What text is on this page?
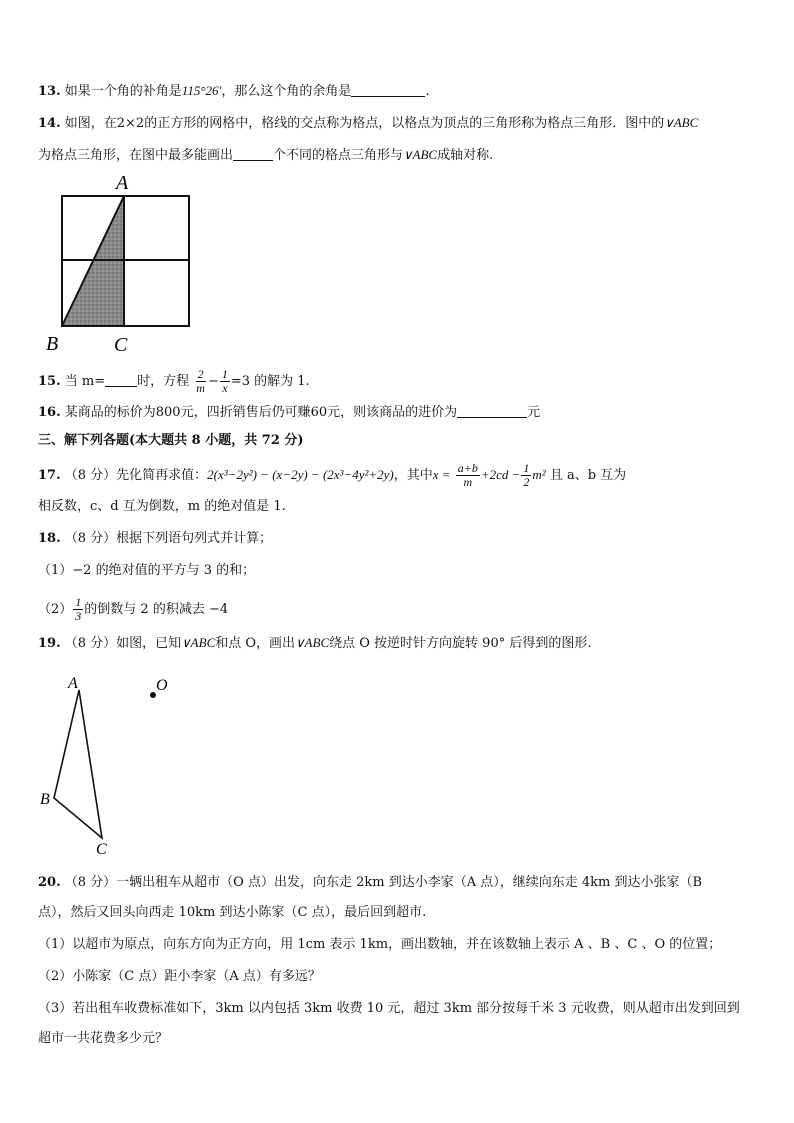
13. 如果一个角的补角是115°26′，那么这个角的余角是	.
14. 如图，在2×2的正方形的网格中，格线的交点称为格点，以格点为顶点的三角形称为格点三角形．图中的∨ABC
为格点三角形，在图中最多能画出	个不同的格点三角形与∨ABC成轴对称.
A
B	C
15. 当 m= 时，方程 $\frac{2}{m} - \frac{1}{x} =3$ 的解为 1.
16. 某商品的标价为800元，四折销售后仍可赚60元，则该商品的进价为	元
三、解下列各题(本大题共 8 小题，共 72 分)
17. （8 分）先化简再求值：2(x³−2y²) − (x−2y) − (2x³−4y²+2y)，其中$x = \frac{a+b}{m} +2cd - \frac{1}{2} m^2$ 且 a、b 互为
相反数，c、d 互为倒数，m 的绝对值是 1.
18. （8 分）根据下列语句列式并计算；
（1）−2 的绝对值的平方与 3 的和；
$(2) \frac{1}{3}$ 的倒数与 2 的积减去 −4
19. （8 分）如图，已知∨ABC和点 O，画出∨ABC绕点 O 按逆时针方向旋转 90° 后得到的图形.
A
B
C
O
20. （8 分）一辆出租车从超市（O 点）出发，向东走 2km 到达小李家（A 点），继续向东走 4km 到达小张家（B
点），然后又回头向西走 10km 到达小陈家（C 点），最后回到超市.
（1）以超市为原点，向东方向为正方向，用 1cm 表示 1km，画出数轴，并在该数轴上表示 A 、B 、C 、O 的位置；
（2）小陈家（C 点）距小李家（A 点）有多远？
（3）若出租车收费标准如下，3km 以内包括 3km 收费 10 元，超过 3km 部分按每千米 3 元收费，则从超市出发到回到
超市一共花费多少元？
